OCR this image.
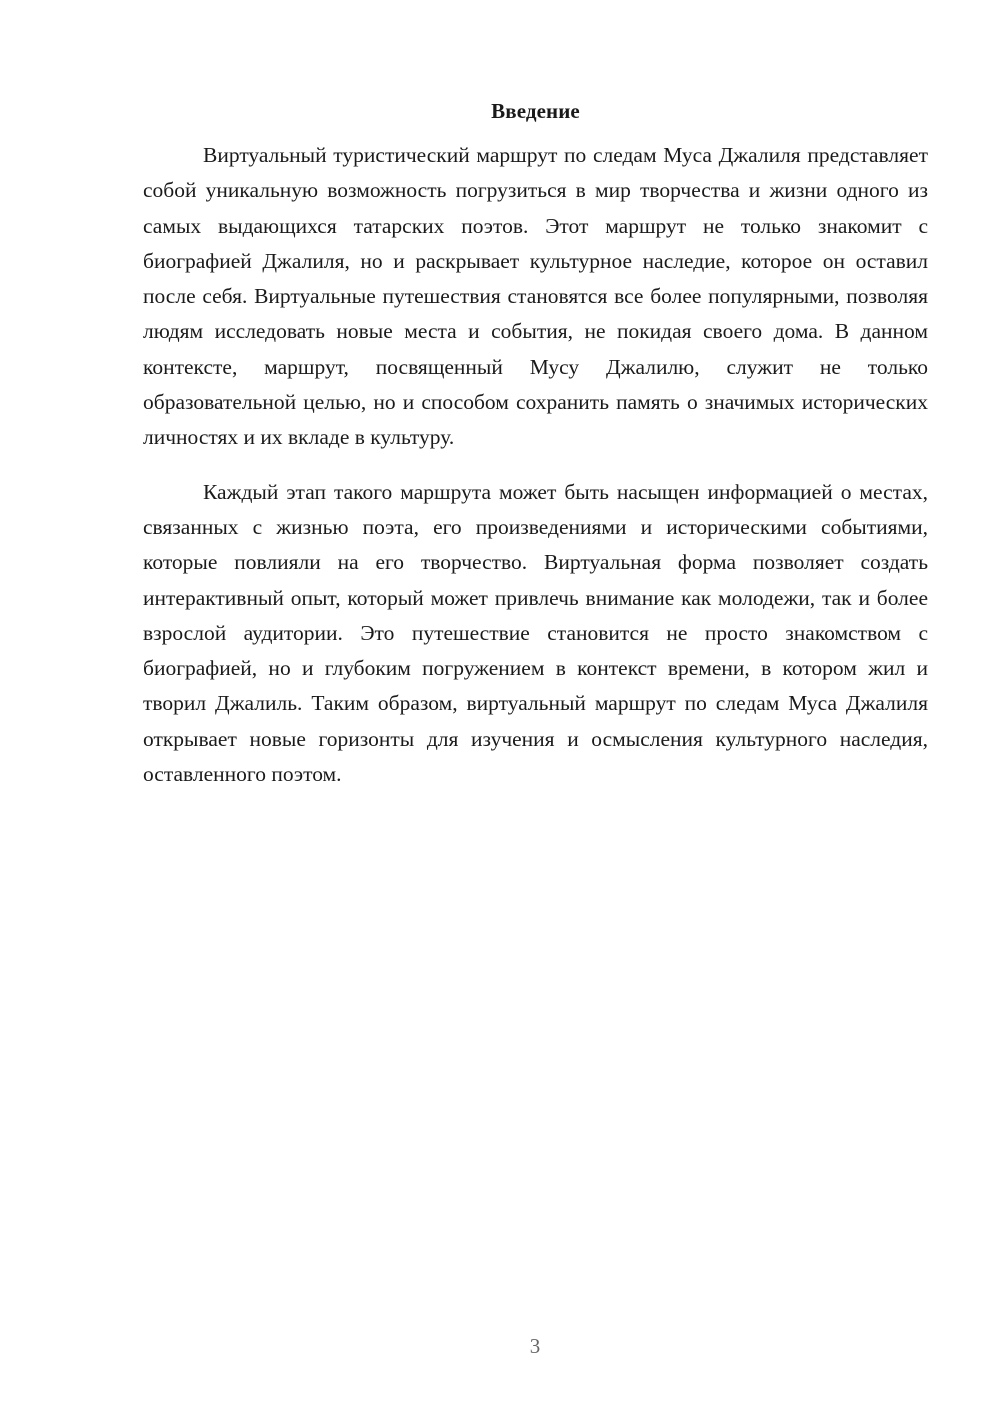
Введение

Виртуальный туристический маршрут по следам Муса Джалиля представляет собой уникальную возможность погрузиться в мир творчества и жизни одного из самых выдающихся татарских поэтов. Этот маршрут не только знакомит с биографией Джалиля, но и раскрывает культурное наследие, которое он оставил после себя. Виртуальные путешествия становятся все более популярными, позволяя людям исследовать новые места и события, не покидая своего дома. В данном контексте, маршрут, посвященный Мусу Джалилю, служит не только образовательной целью, но и способом сохранить память о значимых исторических личностях и их вкладе в культуру.

Каждый этап такого маршрута может быть насыщен информацией о местах, связанных с жизнью поэта, его произведениями и историческими событиями, которые повлияли на его творчество. Виртуальная форма позволяет создать интерактивный опыт, который может привлечь внимание как молодежи, так и более взрослой аудитории. Это путешествие становится не просто знакомством с биографией, но и глубоким погружением в контекст времени, в котором жил и творил Джалиль. Таким образом, виртуальный маршрут по следам Муса Джалиля открывает новые горизонты для изучения и осмысления культурного наследия, оставленного поэтом.

3
